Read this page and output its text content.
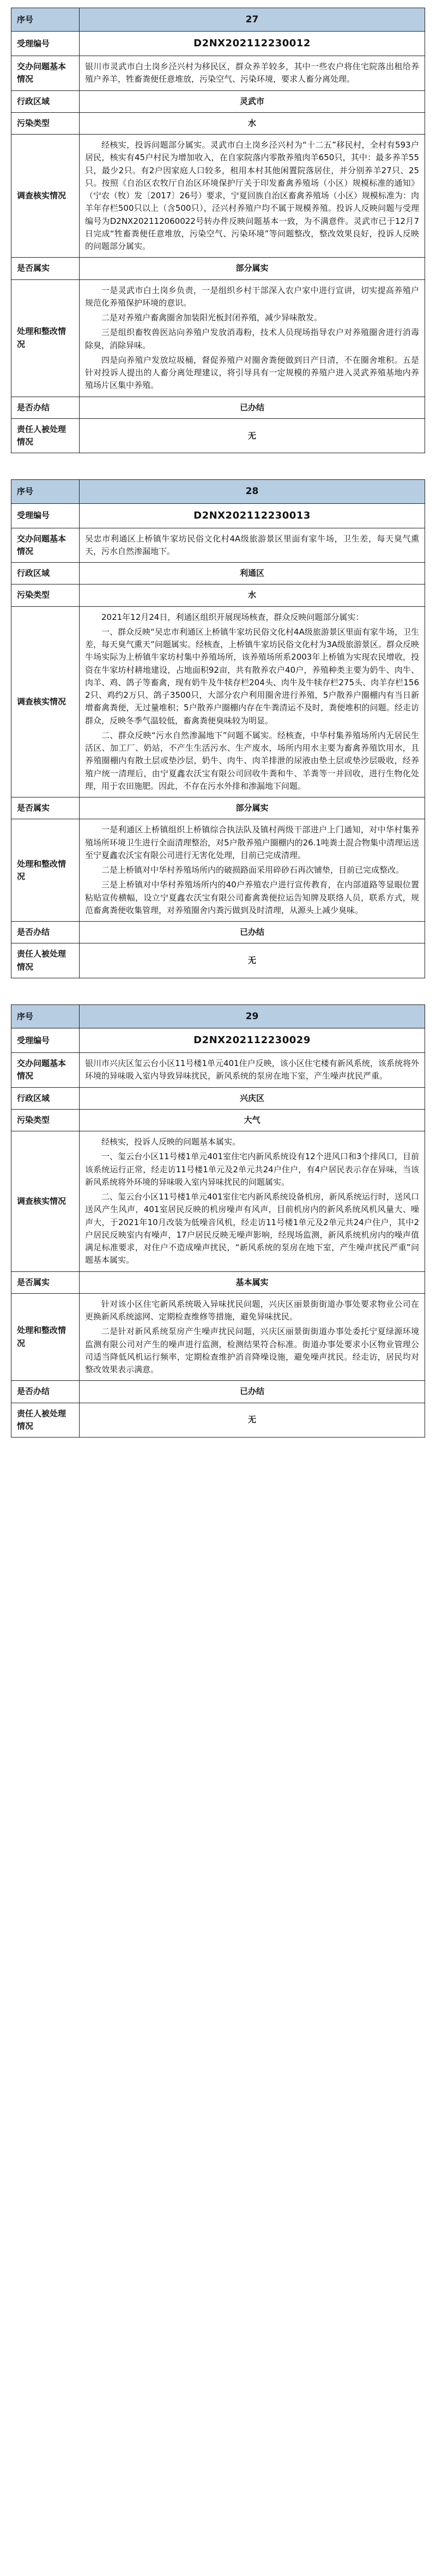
序号	27
受理编号	D2NX20211223001​2
交办问题基本情况	银川市灵武市白土岗乡泾兴村为移民区，群众养羊较多，其中一些农户将住宅院落出租给养殖户养羊，牲畜粪便任意堆放，污染空气、污染环境，要求人畜分离处理。
行政区域	灵武市
污染类型	水
调查核实情况	经核实，投诉问题部分属实。灵武市白土岗乡泾兴村为“十二五”移民村，全村有593户居民，核实有45户村民为增加收入，在自家院落内零散养殖肉羊650只，其中：最多养羊55只，最少2只。有2户因家庭人口较多，租用本村其他闲置院落居住，并分别养羊27只、25只。按照《自治区农牧厅自治区环境保护厅关于印发畜禽养殖场（小区）规模标准的通知》（宁农（牧）发〔2017〕26号）要求，宁夏回族自治区畜禽养殖场（小区）规模标准为：肉羊年存栏500只以上（含500只），泾兴村养殖户均不属于规模养殖。投诉人反映问题与受理编号为D2NX202112060022号转办件反映问题基本一致，为不满意件。灵武市已于12月7日完成“牲畜粪便任意堆放，污染空气、污染环境”等问题整改，整改效果良好，投诉人反映的问题部分属实。

是否属实	部分属实
处理和整改情况	一是灵武市白土岗乡负责，一是组织乡村干部深入农户家中进行宣讲，切实提高养殖户规范化养殖保护环境的意识。

二是对养殖户畜禽圈舍加装阳光板封闭养殖，减少异味散发。

三是组织畜牧兽医站向养殖户发放消毒粉，技术人员现场指导农户对养殖圈舍进行消毒除臭，消除异味。

四是向养殖户发放垃圾桶，督促养殖户对圈舍粪便做到日产日清，不在圈舍堆积。五是针对投诉人提出的人畜分离处理建议，将引导具有一定规模的养殖户进入灵武养殖基地内养殖场片区集中养殖。

是否办结	已办结
责任人被处理情况	无
序号	28
受理编号	D2NX20211223001​3
交办问题基本情况	吴忠市利通区上桥镇牛家坊民俗文化村4A级旅游景区里面有家牛场，卫生差，每天臭气熏天，污水自然渗漏地下。
行政区域	利通区
污染类型	水
调查核实情况	2021年12月24日，利通区组织开展现场核查，群众反映问题部分属实：

一、群众反映“吴忠市利通区上桥镇牛家坊民俗文化村4A级旅游景区里面有家牛场，卫生差，每天臭气熏天”问题属实。经核查，上桥镇牛家坊民俗文化村为3A级旅游景区。群众反映牛场实际为上桥镇牛家坊村集中养殖场所，该养殖场所系2003年上桥镇为实现农民增收，投资在牛家坊村耕地建设，占地面积92亩，共有散养农户40户，养殖种类主要为奶牛、肉牛、肉羊、鸡、鸽子等畜禽，现有奶牛及牛犊存栏204头、肉牛及牛犊存栏275头、肉羊存栏1562只、鸡约2万只、鸽子3500只，大部分农户利用圈舍进行养殖，5户散养户圈棚内有当日新增畜禽粪便，无过量堆积；5户散养户圈棚内存在牛粪清运不及时，粪便堆积的问题。经走访群众，反映冬季气温较低，畜禽粪便臭味较为明显。

二、群众反映“污水自然渗漏地下”问题不属实。经核查，中华村集养殖场所内无居民生活区、加工厂、奶站，不产生生活污水、生产废水，场所内用水主要为畜禽养殖饮用水，且养殖圈棚内有散土层或垫沙层，奶牛、肉牛、肉羊排泄的尿液由垫土层或垫沙层吸收，经养殖户统一清理后，由宁夏鑫农沃宝有限公司回收牛粪和牛、羊粪等一并回收，进行生物化处理，用于农田施肥。因此，不存在污水外排和渗漏地下问题。

是否属实	部分属实
处理和整改情况	一是利通区上桥镇组织上桥镇综合执法队及镇村两级干部进户上门通知，对中华村集养殖场所环境卫生进行全面清理整治，对5户散养殖户圈棚内的26.1吨粪土混合物集中清理运送至宁夏鑫农沃宝有限公司进行无害化处理，目前已完成清理。

二是上桥镇对中华村养殖场所内的破损路面采用碎砂石再次铺垫，目前已完成整改。

三是上桥镇对中华村养殖场所内的40户养殖农户进行宣传教育，在内部道路等显眼位置粘贴宣传横幅，设立宁夏鑫农沃宝有限公司畜禽粪便拉运告知牌及联络人员，联系方式，规范畜禽粪便收集管理，对养殖圈舍内粪污做到及时清理，从源头上减少臭味。

是否办结	已办结
责任人被处理情况	无
序号	29
受理编号	D2NX20211223002​9
交办问题基本情况	银川市兴庆区玺云台小区11号楼1单元401住户反映，该小区住宅楼有新风系统，该系统将外环境的异味吸入室内导致异味扰民，新风系统的泵房在地下室，产生噪声扰民严重。
行政区域	兴庆区
污染类型	大气
调查核实情况	经核实，投诉人反映的问题基本属实。

一、玺云台小区11号楼1单元401室住宅内新风系统设有12个进风口和3个排风口，目前该系统运行正常，经走访11号楼1单元及2单元共24户住户，有4户居民表示存在异味，当该新风系统将外环境的异味吸入室内异味扰民的问题属实。

二、玺云台小区11号楼1单元401室住宅内新风系统设备机房，新风系统运行时，送风口送风产生风声，401室居民反映的机房噪声有风声，目前机房内的新风系统风机风量大、噪声大，于2021年10月改装为低噪音风机，经走访11号楼1单元及2单元共24户住户，其中2户居民反映室内有噪声，17户居民反映无噪声影响，经现场监测，新风系统机房内的噪声值满足标准要求，对住户不造成噪声扰民，“新风系统的泵房在地下室，产生噪声扰民严重”问题基本属实。

是否属实	基本属实
处理和整改情况	针对该小区住宅新风系统吸入异味扰民问题，兴庆区丽景街街道办事处要求物业公司在更换新风系统滤网、定期检查维修等措施，避免异味扰民。

二是针对新风系统泵房产生噪声扰民问题，兴庆区丽景街街道办事处委托宁夏绿源环境监测有限公司对产生的噪声进行监测，检测结果符合标准。街道办事处要求小区物业管理公司适当降低风机运行频率，定期检查维护消音降噪设施，避免噪声扰民。经走访，居民均对整改效果表示满意。

是否办结	已办结
责任人被处理情况	无
